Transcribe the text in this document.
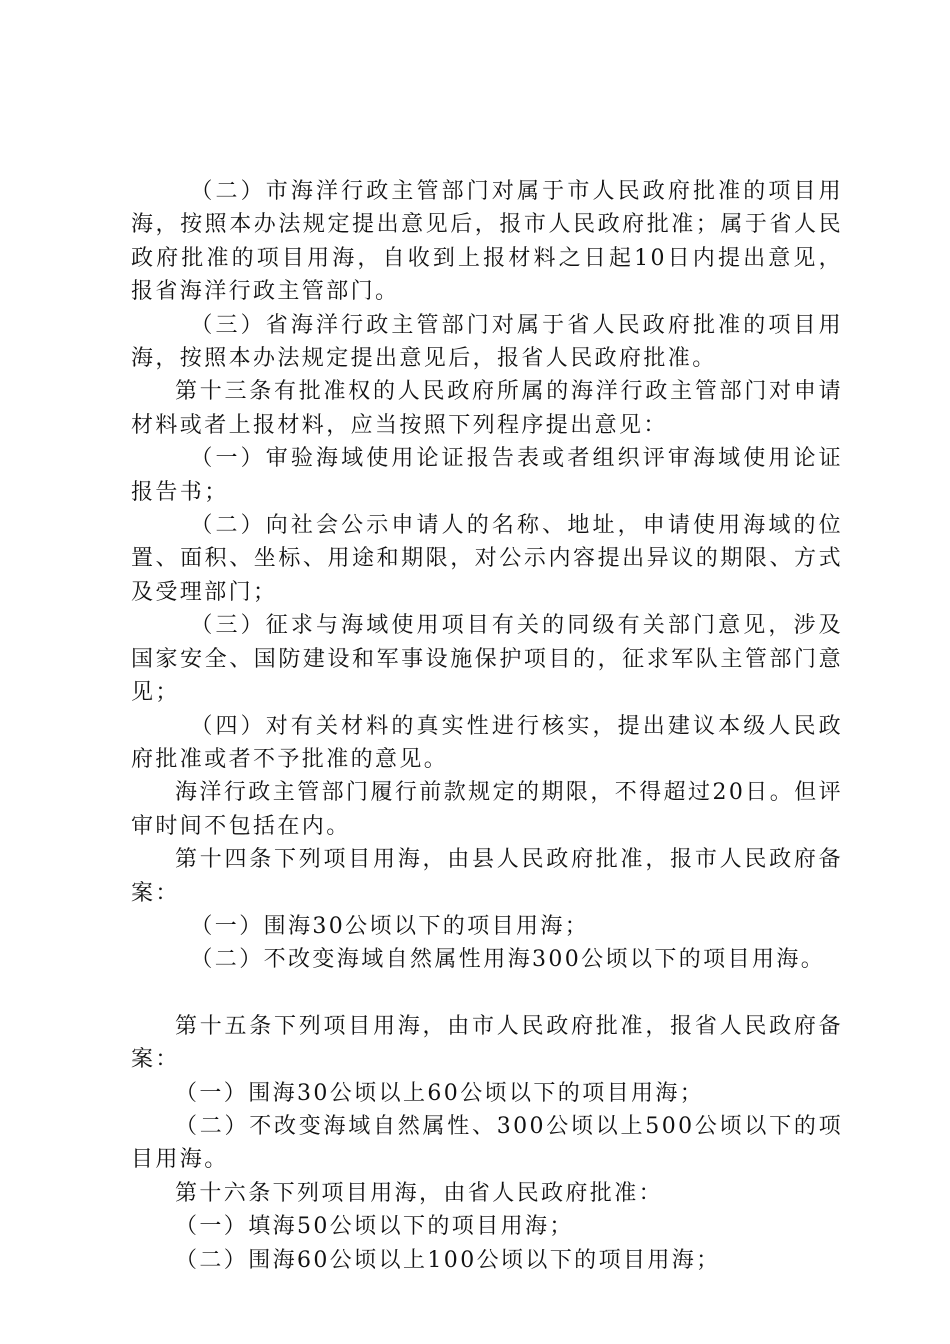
（二）市海洋行政主管部门对属于市人民政府批准的项目用海，按照本办法规定提出意见后，报市人民政府批准；属于省人民政府批准的项目用海，自收到上报材料之日起10日内提出意见，报省海洋行政主管部门。

（三）省海洋行政主管部门对属于省人民政府批准的项目用海，按照本办法规定提出意见后，报省人民政府批准。

第十三条有批准权的人民政府所属的海洋行政主管部门对申请材料或者上报材料，应当按照下列程序提出意见：

（一）审验海域使用论证报告表或者组织评审海域使用论证报告书；

（二）向社会公示申请人的名称、地址，申请使用海域的位置、面积、坐标、用途和期限，对公示内容提出异议的期限、方式及受理部门；

（三）征求与海域使用项目有关的同级有关部门意见，涉及国家安全、国防建设和军事设施保护项目的，征求军队主管部门意见；

（四）对有关材料的真实性进行核实，提出建议本级人民政府批准或者不予批准的意见。

海洋行政主管部门履行前款规定的期限，不得超过20日。但评审时间不包括在内。

第十四条下列项目用海，由县人民政府批准，报市人民政府备案：

（一）围海30公顷以下的项目用海；

（二）不改变海域自然属性用海300公顷以下的项目用海。

第十五条下列项目用海，由市人民政府批准，报省人民政府备案：

（一）围海30公顷以上60公顷以下的项目用海；

（二）不改变海域自然属性、300公顷以上500公顷以下的项目用海。

第十六条下列项目用海，由省人民政府批准：

（一）填海50公顷以下的项目用海；

（二）围海60公顷以上100公顷以下的项目用海；
